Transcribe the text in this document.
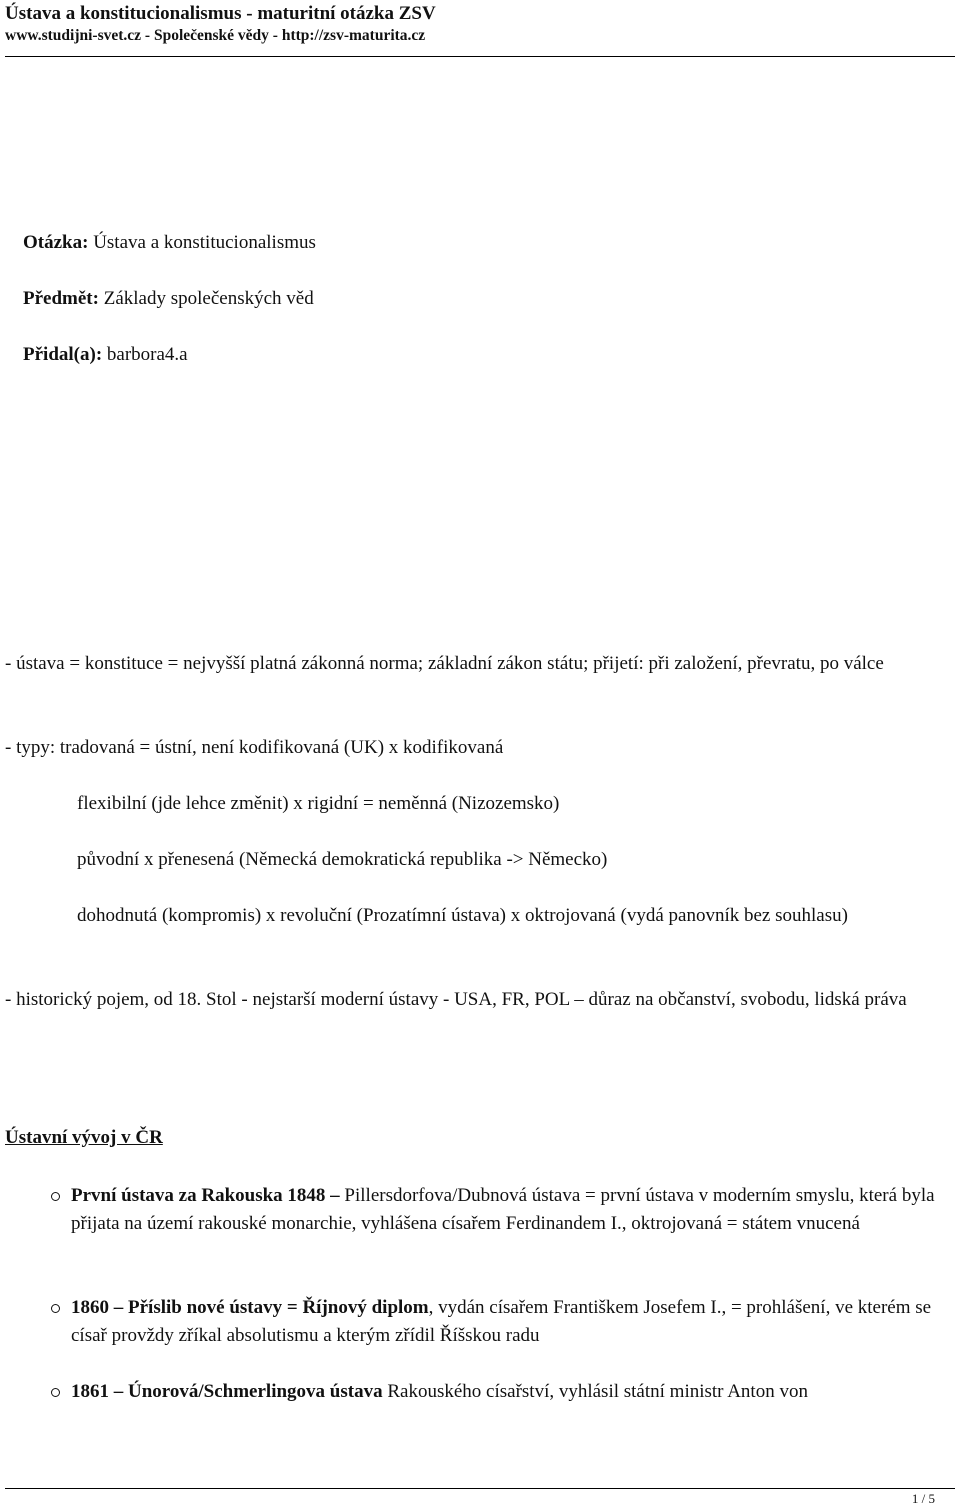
Ústava a konstitucionalismus - maturitní otázka ZSV

www.studijni-svet.cz - Společenské vědy - http://zsv-maturita.cz

Otázka: Ústava a konstitucionalismus
Předmět: Základy společenských věd
Přidal(a): barbora4.a
- ústava = konstituce = nejvyšší platná zákonná norma; základní zákon státu; přijetí: při založení, převratu, po válce
- typy: tradovaná = ústní, není kodifikovaná (UK) x kodifikovaná
flexibilní (jde lehce změnit) x rigidní = neměnná (Nizozemsko)
původní x přenesená (Německá demokratická republika -> Německo)
dohodnutá (kompromis) x revoluční (Prozatímní ústava) x oktrojovaná (vydá panovník bez souhlasu)
- historický pojem, od 18. Stol - nejstarší moderní ústavy - USA, FR, POL – důraz na občanství, svobodu, lidská práva
Ústavní vývoj v ČR
První ústava za Rakouska 1848 – Pillersdorfova/Dubnová ústava = první ústava v moderním smyslu, která byla přijata na území rakouské monarchie, vyhlášena císařem Ferdinandem I., oktrojovaná = státem vnucená
1860 – Příslib nové ústavy = Říjnový diplom, vydán císařem Františkem Josefem I., = prohlášení, ve kterém se císař provždy zříkal absolutismu a kterým zřídil Říšskou radu
1861 – Únorová/Schmerlingova ústava Rakouského císařství, vyhlásil státní ministr Anton von
1 / 5
